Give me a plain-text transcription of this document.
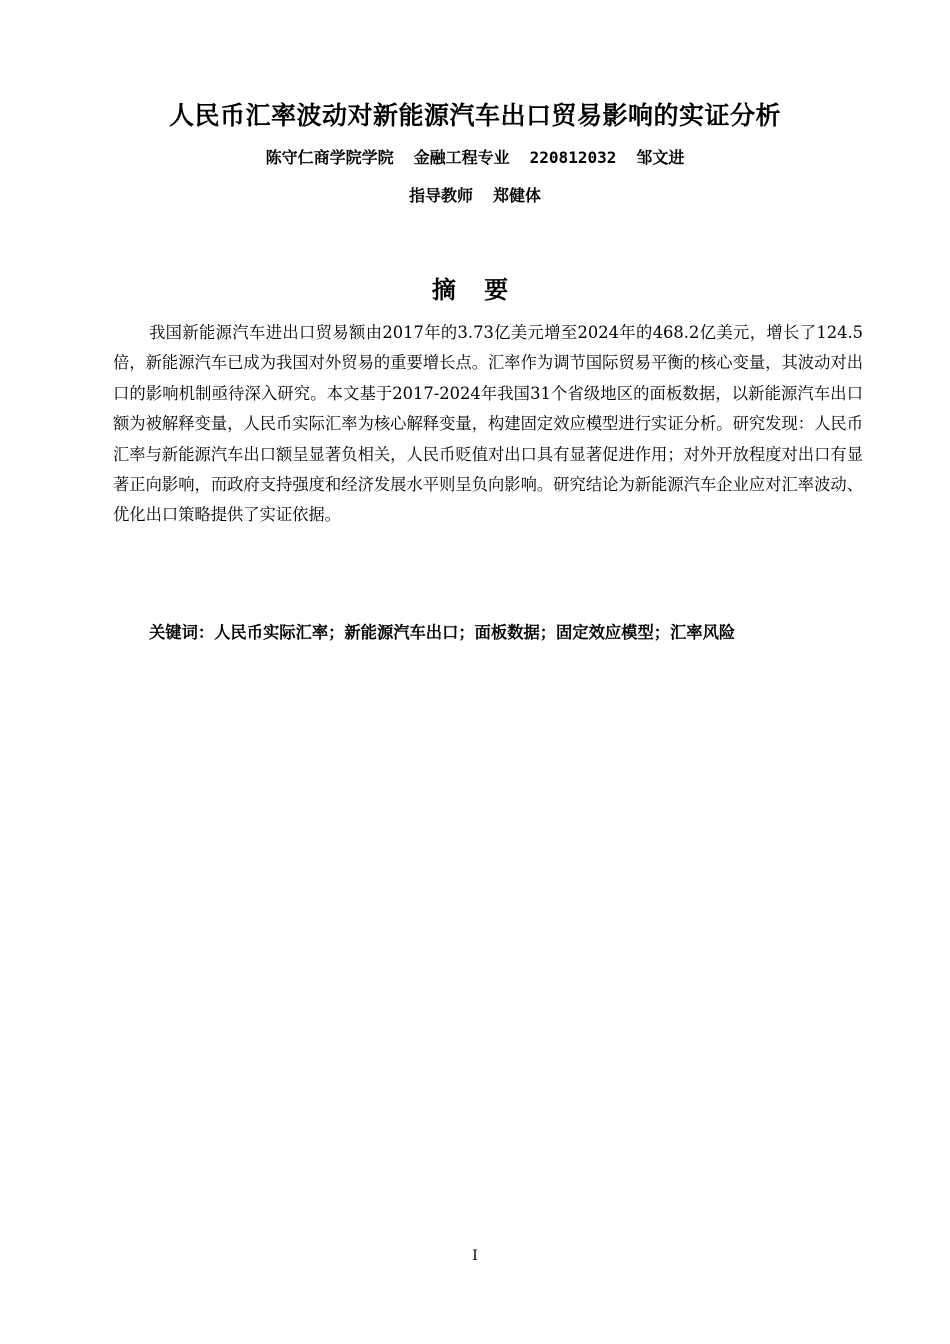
人民币汇率波动对新能源汽车出口贸易影响的实证分析
陈守仁商学院学院 金融工程专业 220812032 邹文进
指导教师 郑健体
摘 要

我国新能源汽车进出口贸易额由2017年的3.73亿美元增至2024年的468.2亿美元，增长了124.5倍，新能源汽车已成为我国对外贸易的重要增长点。汇率作为调节国际贸易平衡的核心变量，其波动对出口的影响机制亟待深入研究。本文基于2017-2024年我国31个省级地区的面板数据，以新能源汽车出口额为被解释变量，人民币实际汇率为核心解释变量，构建固定效应模型进行实证分析。研究发现：人民币汇率与新能源汽车出口额呈显著负相关，人民币贬值对出口具有显著促进作用；对外开放程度对出口有显著正向影响，而政府支持强度和经济发展水平则呈负向影响。研究结论为新能源汽车企业应对汇率波动、优化出口策略提供了实证依据。

关键词：人民币实际汇率；新能源汽车出口；面板数据；固定效应模型；汇率风险

I
